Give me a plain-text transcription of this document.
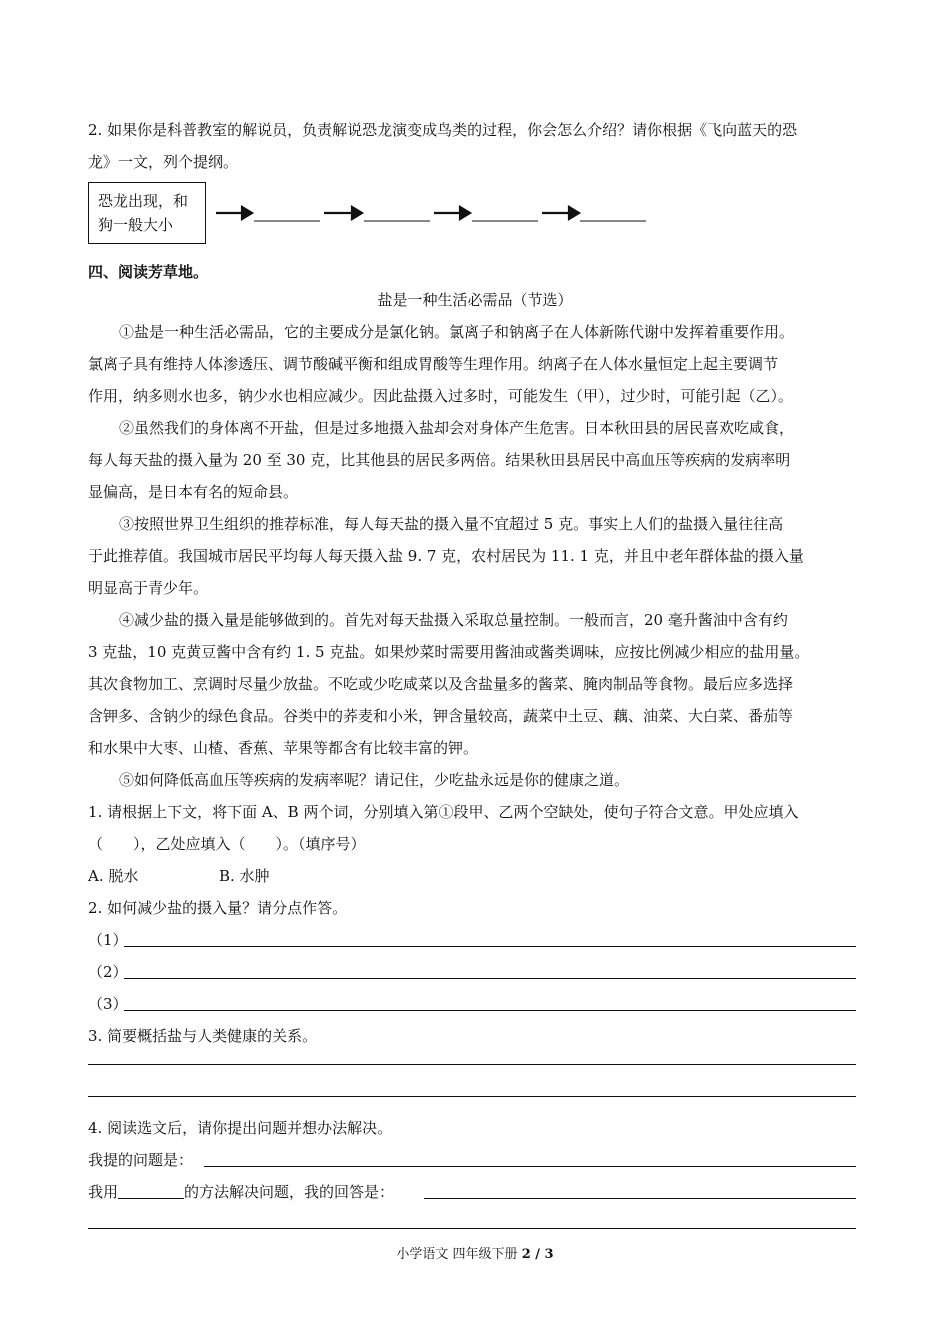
2. 如果你是科普教室的解说员，负责解说恐龙演变成鸟类的过程，你会怎么介绍？请你根据《飞向蓝天的恐
龙》一文，列个提纲。
恐龙出现，和
狗一般大小
四、阅读芳草地。
盐是一种生活必需品（节选）
①盐是一种生活必需品，它的主要成分是氯化钠。氯离子和钠离子在人体新陈代谢中发挥着重要作用。
氯离子具有维持人体渗透压、调节酸碱平衡和组成胃酸等生理作用。纳离子在人体水量恒定上起主要调节
作用，纳多则水也多，钠少水也相应减少。因此盐摄入过多时，可能发生（甲），过少时，可能引起（乙）。
②虽然我们的身体离不开盐，但是过多地摄入盐却会对身体产生危害。日本秋田县的居民喜欢吃咸食，
每人每天盐的摄入量为 20 至 30 克，比其他县的居民多两倍。结果秋田县居民中高血压等疾病的发病率明
显偏高，是日本有名的短命县。
③按照世界卫生组织的推荐标准，每人每天盐的摄入量不宜超过 5 克。事实上人们的盐摄入量往往高
于此推荐值。我国城市居民平均每人每天摄入盐 9. 7 克，农村居民为 11. 1 克，并且中老年群体盐的摄入量
明显高于青少年。
④减少盐的摄入量是能够做到的。首先对每天盐摄入采取总量控制。一般而言，20 毫升酱油中含有约
3 克盐，10 克黄豆酱中含有约 1. 5 克盐。如果炒菜时需要用酱油或酱类调味，应按比例减少相应的盐用量。
其次食物加工、烹调时尽量少放盐。不吃或少吃咸菜以及含盐量多的酱菜、腌肉制品等食物。最后应多选择
含钾多、含钠少的绿色食品。谷类中的荞麦和小米，钾含量较高，蔬菜中土豆、藕、油菜、大白菜、番茄等
和水果中大枣、山楂、香蕉、苹果等都含有比较丰富的钾。
⑤如何降低高血压等疾病的发病率呢？请记住，少吃盐永远是你的健康之道。
1. 请根据上下文，将下面 A、B 两个词，分别填入第①段甲、乙两个空缺处，使句子符合文意。甲处应填入
（　　），乙处应填入（　　）。（填序号）
A. 脱水	B. 水肿
2. 如何减少盐的摄入量？请分点作答。
（1）
（2）
（3）
3. 简要概括盐与人类健康的关系。
4. 阅读选文后，请你提出问题并想办法解决。
我提的问题是：
我用	的方法解决问题，我的回答是：
小学语文 四年级下册 2 / 3
